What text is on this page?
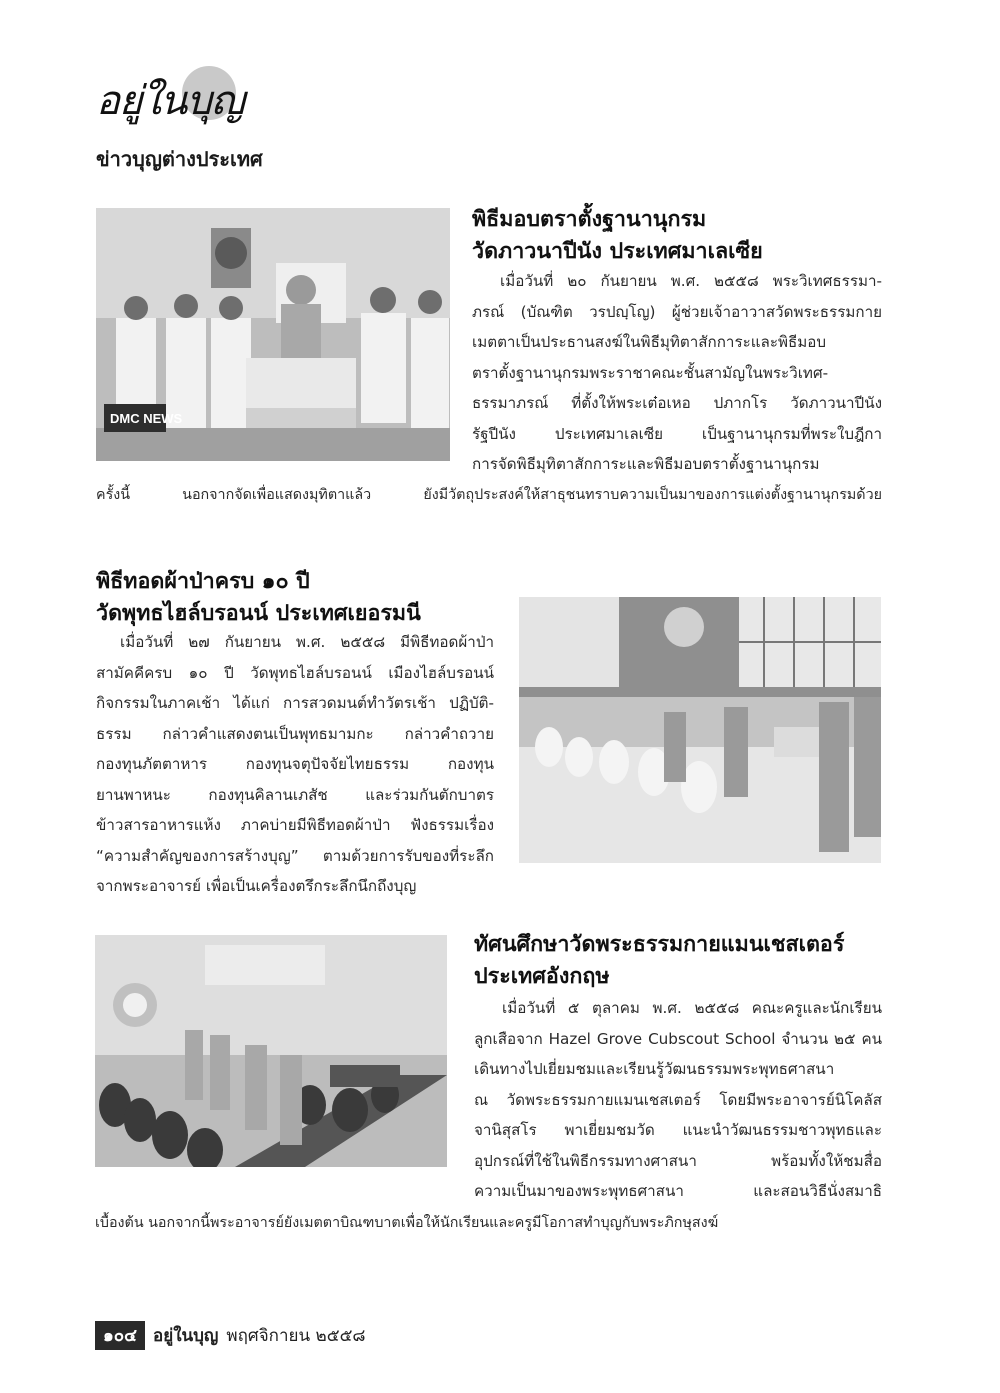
อยู่ในบุญ
ข่าวบุญต่างประเทศ
DMC NEWS
พิธีมอบตราตั้งฐานานุกรม
วัดภาวนาปีนัง ประเทศมาเลเซีย
เมื่อวันที่ ๒๐ กันยายน พ.ศ. ๒๕๕๘ พระวิเทศธรรมา-
ภรณ์ (บัณฑิต วรปญฺโญ) ผู้ช่วยเจ้าอาวาสวัดพระธรรมกาย
เมตตาเป็นประธานสงฆ์ในพิธีมุทิตาสักการะและพิธีมอบ
ตราตั้งฐานานุกรมพระราชาคณะชั้นสามัญในพระวิเทศ-
ธรรมาภรณ์ ที่ตั้งให้พระเต๋อเหอ ปภากโร วัดภาวนาปีนัง
รัฐปีนัง ประเทศมาเลเซีย เป็นฐานานุกรมที่พระใบฎีกา
การจัดพิธีมุทิตาสักการะและพิธีมอบตราตั้งฐานานุกรม
ครั้งนี้ นอกจากจัดเพื่อแสดงมุทิตาแล้ว ยังมีวัตถุประสงค์ให้สาธุชนทราบความเป็นมาของการแต่งตั้งฐานานุกรมด้วย
พิธีทอดผ้าป่าครบ ๑๐ ปี
วัดพุทธไฮล์บรอนน์ ประเทศเยอรมนี
เมื่อวันที่ ๒๗ กันยายน พ.ศ. ๒๕๕๘ มีพิธีทอดผ้าป่า
สามัคคีครบ ๑๐ ปี วัดพุทธไฮล์บรอนน์ เมืองไฮล์บรอนน์
กิจกรรมในภาคเช้า ได้แก่ การสวดมนต์ทำวัตรเช้า ปฏิบัติ-
ธรรม กล่าวคำแสดงตนเป็นพุทธมามกะ กล่าวคำถวาย
กองทุนภัตตาหาร กองทุนจตุปัจจัยไทยธรรม กองทุน
ยานพาหนะ กองทุนคิลานเภสัช และร่วมกันตักบาตร
ข้าวสารอาหารแห้ง ภาคบ่ายมีพิธีทอดผ้าป่า ฟังธรรมเรื่อง
“ความสำคัญของการสร้างบุญ” ตามด้วยการรับของที่ระลึก
จากพระอาจารย์ เพื่อเป็นเครื่องตรึกระลึกนึกถึงบุญ
ทัศนศึกษาวัดพระธรรมกายแมนเชสเตอร์
ประเทศอังกฤษ
เมื่อวันที่ ๕ ตุลาคม พ.ศ. ๒๕๕๘ คณะครูและนักเรียน
ลูกเสือจาก Hazel Grove Cubscout School จำนวน ๒๕ คน
เดินทางไปเยี่ยมชมและเรียนรู้วัฒนธรรมพระพุทธศาสนา
ณ วัดพระธรรมกายแมนเชสเตอร์ โดยมีพระอาจารย์นิโคลัส
จานิสุสโร พาเยี่ยมชมวัด แนะนำวัฒนธรรมชาวพุทธและ
อุปกรณ์ที่ใช้ในพิธีกรรมทางศาสนา พร้อมทั้งให้ชมสื่อ
ความเป็นมาของพระพุทธศาสนา และสอนวิธีนั่งสมาธิ
เบื้องต้น นอกจากนี้พระอาจารย์ยังเมตตาบิณฑบาตเพื่อให้นักเรียนและครูมีโอกาสทำบุญกับพระภิกษุสงฆ์
๑๐๔ อยู่ในบุญ พฤศจิกายน ๒๕๕๘
